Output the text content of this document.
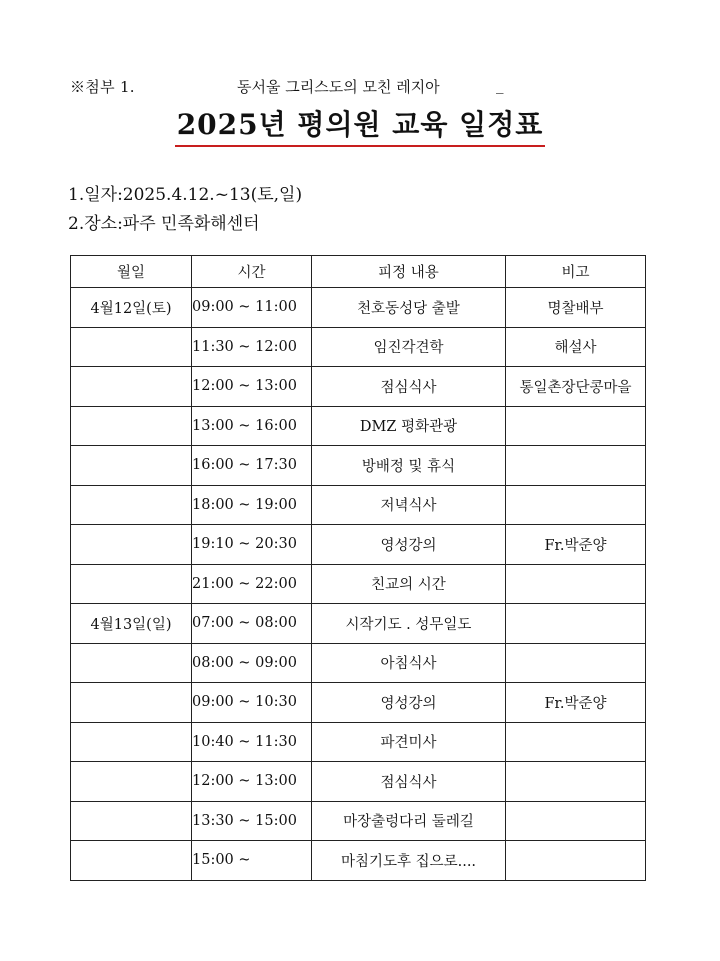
※첨부 1.	동서울 그리스도의 모친 레지아	_
2025년 평의원 교육 일정표
1.일자:2025.4.12.~13(토,일)
2.장소:파주 민족화해센터
월일	시간	피정 내용	비고
4월12일(토)	09:00 ~ 11:00	천호동성당 출발	명찰배부
	11:30 ~ 12:00	임진각견학	해설사
	12:00 ~ 13:00	점심식사	통일촌장단콩마을
	13:00 ~ 16:00	DMZ 평화관광	
	16:00 ~ 17:30	방배정 및 휴식	
	18:00 ~ 19:00	저녁식사	
	19:10 ~ 20:30	영성강의	Fr.박준양
	21:00 ~ 22:00	친교의 시간	
4월13일(일)	07:00 ~ 08:00	시작기도 . 성무일도	
	08:00 ~ 09:00	아침식사	
	09:00 ~ 10:30	영성강의	Fr.박준양
	10:40 ~ 11:30	파견미사	
	12:00 ~ 13:00	점심식사	
	13:30 ~ 15:00	마장출렁다리 둘레길	
	15:00 ~	마침기도후 집으로....	
